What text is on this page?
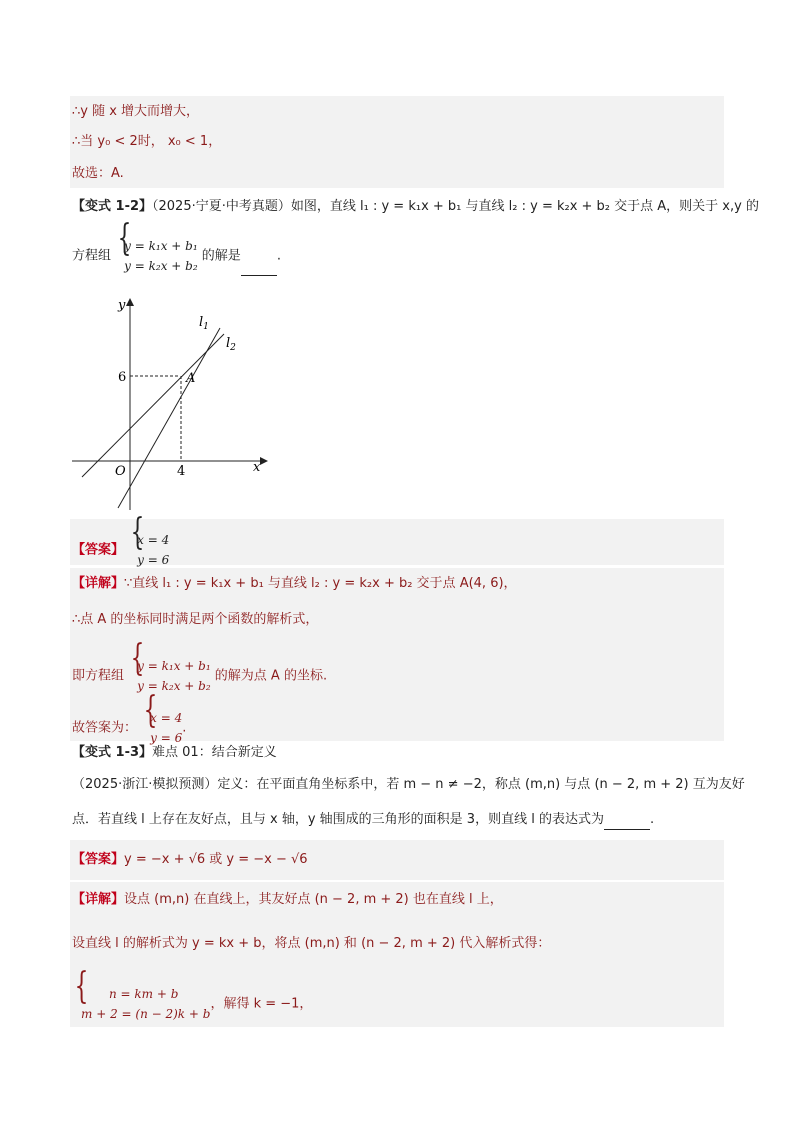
∴y 随 x 增大而增大，
∴当 y₀ < 2时， x₀ < 1，
故选：A.
【变式 1-2】（2025·宁夏·中考真题）如图，直线 l₁ : y = k₁x + b₁ 与直线 l₂ : y = k₂x + b₂ 交于点 A，则关于 x,y 的
方程组
{ y = k₁x + b₁
y = k₂x + b₂
的解是	.
y
x
O
6
4
$l_1$
$l_2$
A
【答案】
{ x = 4
y = 6
【详解】∵直线 l₁ : y = k₁x + b₁ 与直线 l₂ : y = k₂x + b₂ 交于点 A(4, 6)，
∴点 A 的坐标同时满足两个函数的解析式，
即方程组
{ y = k₁x + b₁
y = k₂x + b₂
的解为点 A 的坐标.
故答案为：
{ x = 4
y = 6
.
【变式 1-3】难点 01：结合新定义
（2025·浙江·模拟预测）定义：在平面直角坐标系中，若 m − n ≠ −2，称点 (m,n) 与点 (n − 2, m + 2) 互为友好
点．若直线 l 上存在友好点，且与 x 轴，y 轴围成的三角形的面积是 3，则直线 l 的表达式为	.
【答案】y = −x + √6 或 y = −x − √6
【详解】设点 (m,n) 在直线上，其友好点 (n − 2, m + 2) 也在直线 l 上，
设直线 l 的解析式为 y = kx + b，将点 (m,n) 和 (n − 2, m + 2) 代入解析式得：
{ n = km + b
m + 2 = (n − 2)k + b
，解得 k = −1，
